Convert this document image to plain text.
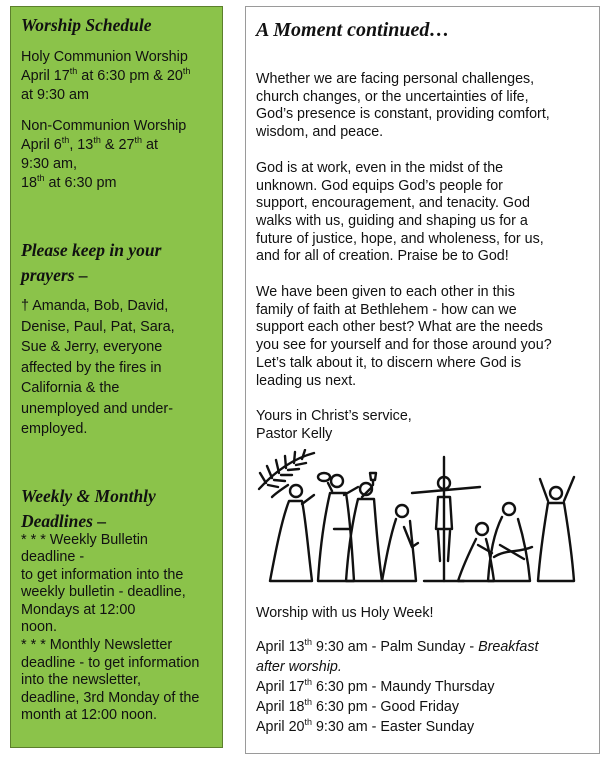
Worship Schedule

Holy Communion Worship

April 17th at 6:30 pm & 20th

at 9:30 am

Non-Communion Worship

April 6th, 13th & 27th at

9:30 am,

18th at 6:30 pm

Please keep in your

prayers –

† Amanda, Bob, David,

Denise, Paul, Pat, Sara,

Sue & Jerry, everyone

affected by the fires in

California & the

unemployed and under-

employed.

Weekly & Monthly

Deadlines –

* * * Weekly Bulletin

deadline -

to get information into the

weekly bulletin - deadline,

Mondays at 12:00

noon.

* * * Monthly Newsletter

deadline - to get information

into the newsletter,

deadline, 3rd Monday of the

month at 12:00 noon.

A Moment continued…

Whether we are facing personal challenges,

church changes, or the uncertainties of life,

God’s presence is constant, providing comfort,

wisdom, and peace.

God is at work, even in the midst of the

unknown. God equips God’s people for

support, encouragement, and tenacity. God

walks with us, guiding and shaping us for a

future of justice, hope, and wholeness, for us,

and for all of creation. Praise be to God!

We have been given to each other in this

family of faith at Bethlehem - how can we

support each other best? What are the needs

you see for yourself and for those around you?

Let’s talk about it, to discern where God is

leading us next.

Yours in Christ’s service,

Pastor Kelly

Worship with us Holy Week!

April 13th 9:30 am - Palm Sunday - Breakfast

after worship.

April 17th 6:30 pm - Maundy Thursday

April 18th 6:30 pm - Good Friday

April 20th 9:30 am - Easter Sunday
